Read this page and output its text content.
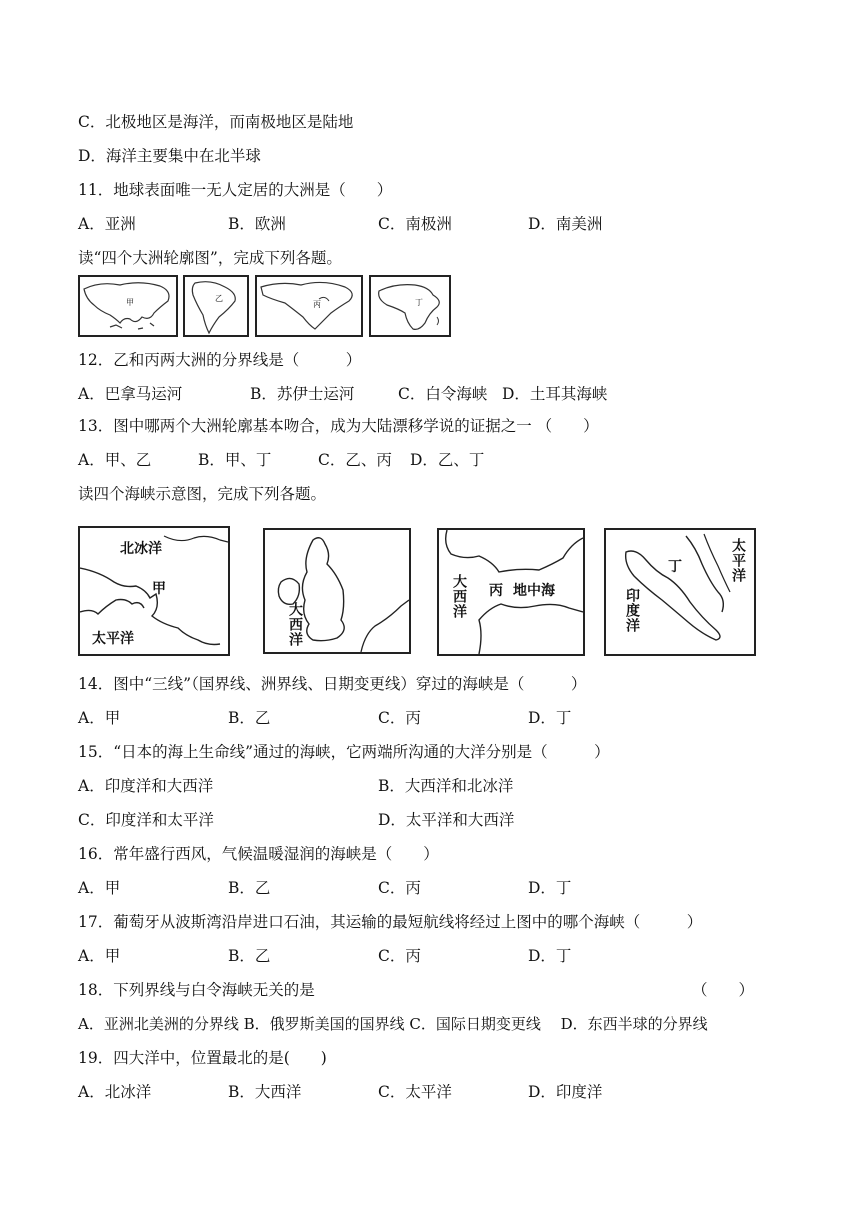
C．北极地区是海洋，而南极地区是陆地
D．海洋主要集中在北半球
11．地球表面唯一无人定居的大洲是（　　）
A．亚洲	B．欧洲	C．南极洲	D．南美洲
读“四个大洲轮廓图”，完成下列各题。
甲	乙
丙	丁
12．乙和丙两大洲的分界线是（　　　）
A．巴拿马运河	B．苏伊士运河	C．白令海峡 D．土耳其海峡
13．图中哪两个大洲轮廓基本吻合，成为大陆漂移学说的证据之一 （　　）
A．甲、乙	B．甲、丁	C．乙、丙 D．乙、丁
读四个海峡示意图，完成下列各题。
北冰洋
甲
太平洋	大西洋
大西洋 丙 地中海
丁	太平洋
印度洋
14．图中“三线”（国界线、洲界线、日期变更线）穿过的海峡是（　　　）
A．甲	B．乙	C．丙	D．丁
15．“日本的海上生命线”通过的海峡，它两端所沟通的大洋分别是（　　　）
A．印度洋和大西洋	B．大西洋和北冰洋
C．印度洋和太平洋	D．太平洋和大西洋
16．常年盛行西风，气候温暖湿润的海峡是（　　）
A．甲	B．乙	C．丙	D．丁
17．葡萄牙从波斯湾沿岸进口石油，其运输的最短航线将经过上图中的哪个海峡（　　　）
A．甲	B．乙	C．丙	D．丁
18．下列界线与白令海峡无关的是	（　　）
A．亚洲北美洲的分界线 B．俄罗斯美国的国界线 C．国际日期变更线　 D．东西半球的分界线
19．四大洋中，位置最北的是(　　)
A．北冰洋	B．大西洋	C．太平洋	D．印度洋
